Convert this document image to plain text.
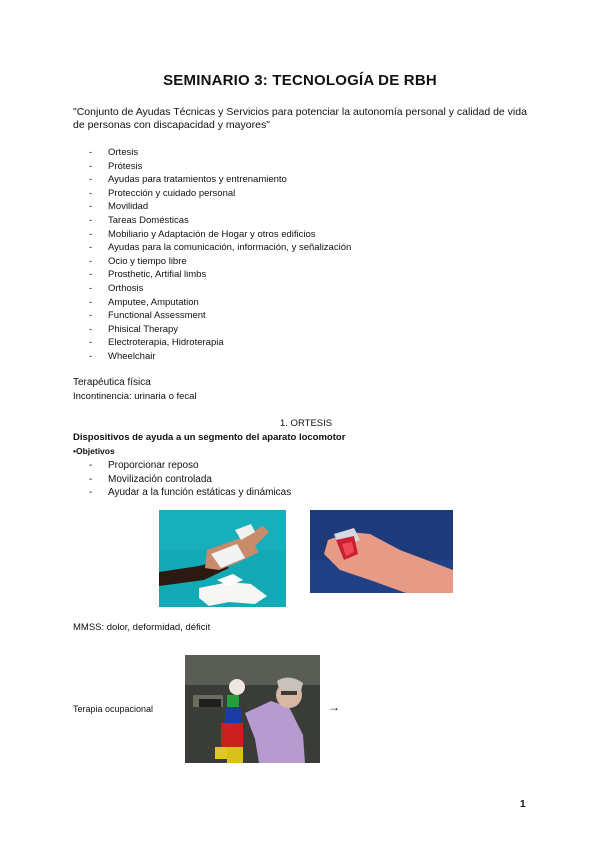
SEMINARIO 3: TECNOLOGÍA DE RBH
"Conjunto de Ayudas Técnicas y Servicios para potenciar la autonomía personal y calidad de vida de personas con discapacidad y mayores"
- Ortesis
- Prótesis
- Ayudas para tratamientos y entrenamiento
- Protección y cuidado personal
- Movilidad
- Tareas Domésticas
- Mobiliario y Adaptación de Hogar y otros edificios
- Ayudas para la comunicación, información, y señalización
- Ocio y tiempo libre
- Prosthetic, Artifial limbs
- Orthosis
- Amputee, Amputation
- Functional Assessment
- Phisical Therapy
- Electroterapia, Hidroterapia
- Wheelchair
Terapéutica física
Incontinencia: urinaria o fecal
1. ORTESIS
Dispositivos de ayuda a un segmento del aparato locomotor
•Objetivos
- Proporcionar reposo
- Movilización controlada
- Ayudar a la función estáticas y dinámicas
MMSS: dolor, deformidad, déficit
Terapia ocupacional	→
1
